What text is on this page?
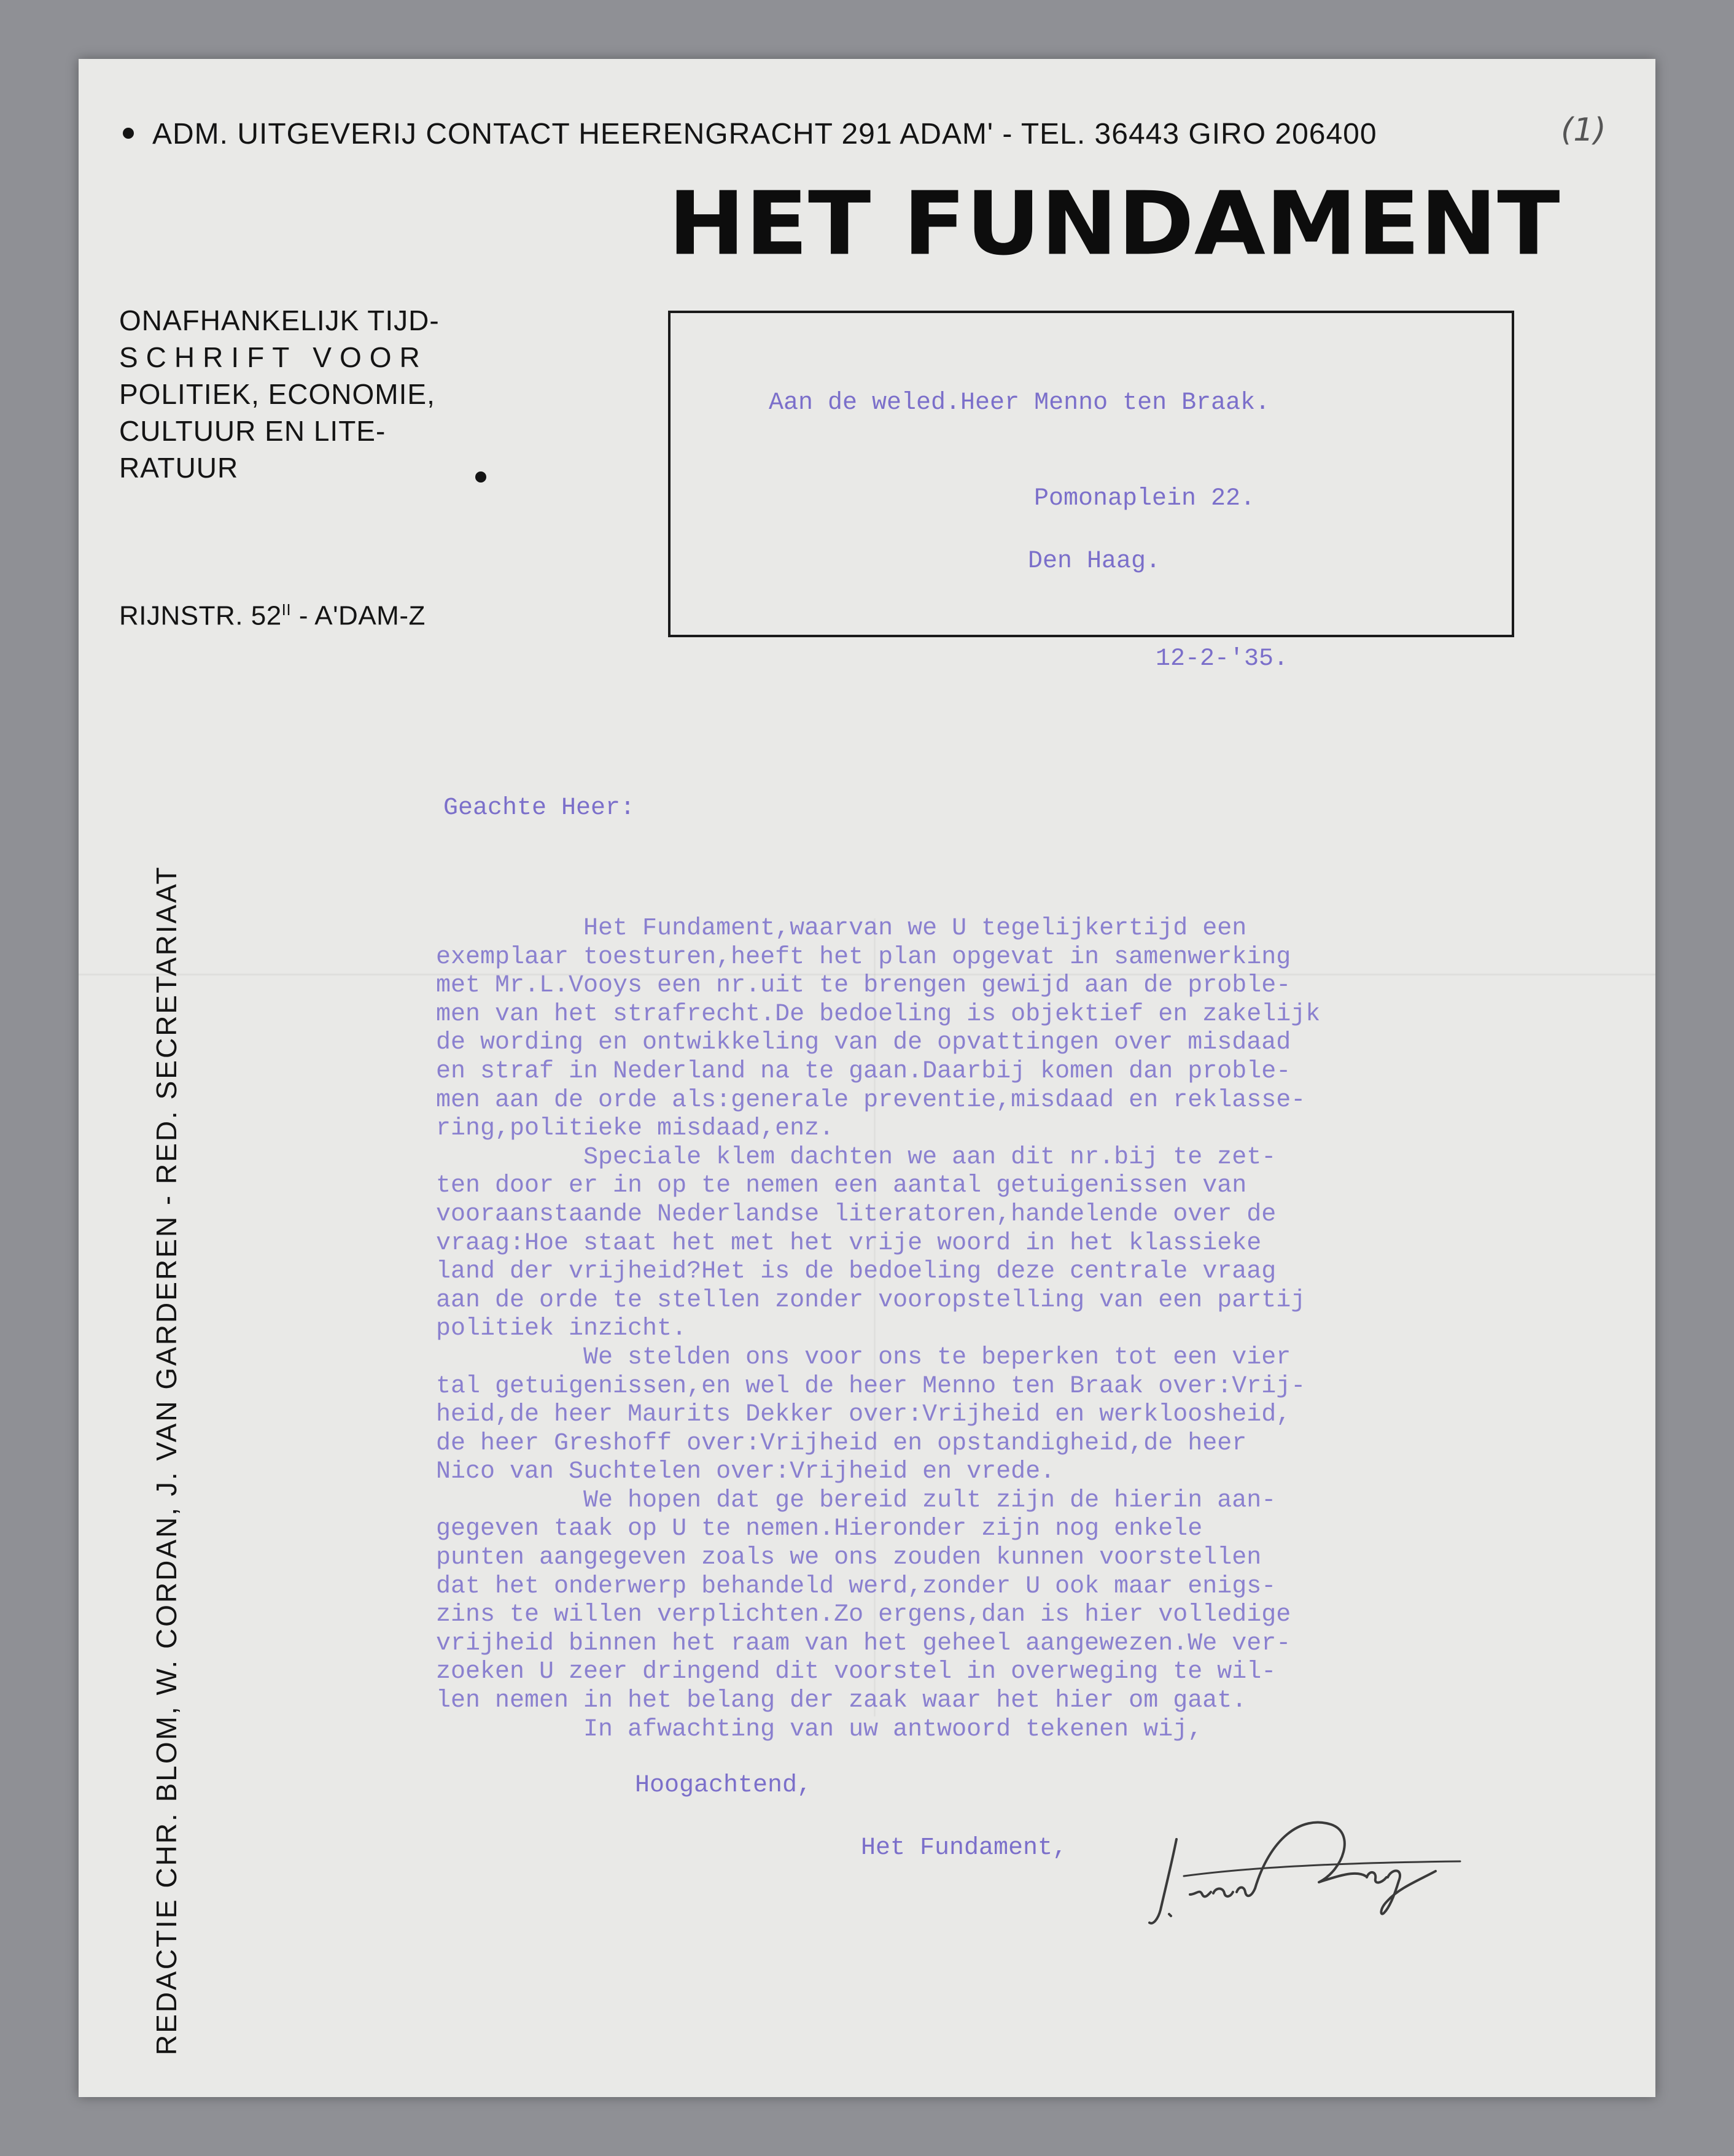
ADM. UITGEVERIJ CONTACT HEERENGRACHT 291 ADAM' - TEL. 36443 GIRO 206400	(1)
HET FUNDAMENT
ONAFHANKELIJK TIJD-
SCHRIFT VOOR
POLITIEK, ECONOMIE,
CULTUUR EN LITE-
RATUUR
RIJNSTR. $52^{II} - A'DAM-Z$
REDACTIE CHR. BLOM, W. CORDAN, J. VAN GARDEREN - RED. SECRETARIAAT
Aan de weled.Heer Menno ten Braak.
Pomonaplein 22.
Den Haag.
12-2-'35.
Geachte Heer:
Het Fundament,waarvan we U tegelijkertijd een
exemplaar toesturen,heeft het plan opgevat in samenwerking
met Mr.L.Vooys een nr.uit te brengen gewijd aan de proble-
men van het strafrecht.De bedoeling is objektief en zakelijk
de wording en ontwikkeling van de opvattingen over misdaad
en straf in Nederland na te gaan.Daarbij komen dan proble-
men aan de orde als:generale preventie,misdaad en reklasse-
ring,politieke misdaad,enz.
Speciale klem dachten we aan dit nr.bij te zet-
ten door er in op te nemen een aantal getuigenissen van
vooraanstaande Nederlandse literatoren,handelende over de
vraag:Hoe staat het met het vrije woord in het klassieke
land der vrijheid?Het is de bedoeling deze centrale vraag
aan de orde te stellen zonder vooropstelling van een partij
politiek inzicht.
We stelden ons voor ons te beperken tot een vier
tal getuigenissen,en wel de heer Menno ten Braak over:Vrij-
heid,de heer Maurits Dekker over:Vrijheid en werkloosheid,
de heer Greshoff over:Vrijheid en opstandigheid,de heer
Nico van Suchtelen over:Vrijheid en vrede.
We hopen dat ge bereid zult zijn de hierin aan-
gegeven taak op U te nemen.Hieronder zijn nog enkele
punten aangegeven zoals we ons zouden kunnen voorstellen
dat het onderwerp behandeld werd,zonder U ook maar enigs-
zins te willen verplichten.Zo ergens,dan is hier volledige
vrijheid binnen het raam van het geheel aangewezen.We ver-
zoeken U zeer dringend dit voorstel in overweging te wil-
len nemen in het belang der zaak waar het hier om gaat.
In afwachting van uw antwoord tekenen wij,
Hoogachtend,
Het Fundament,
